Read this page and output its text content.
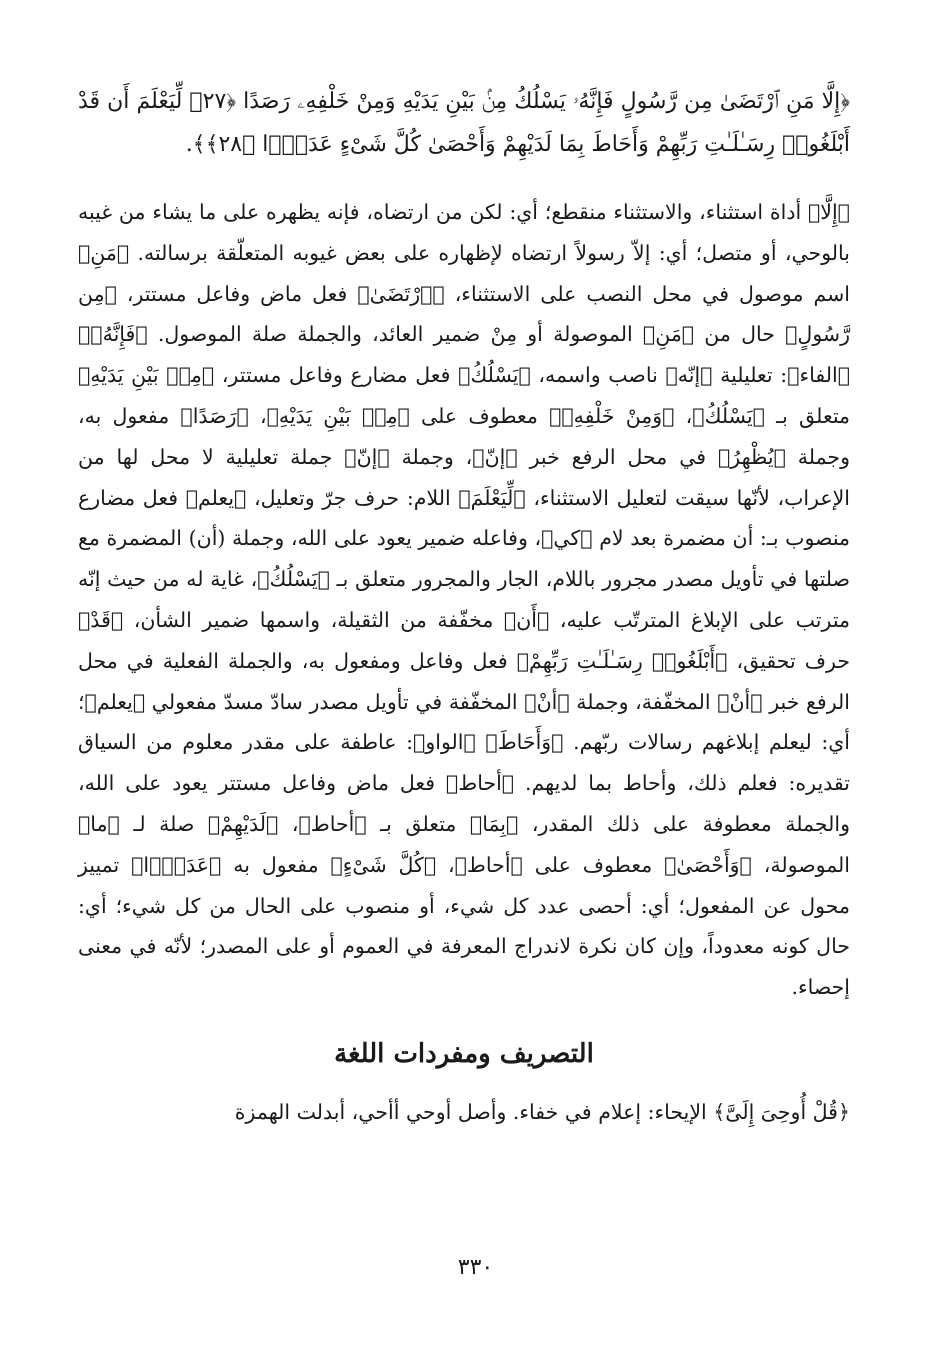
﴿إِلَّا مَنِ ٱرْتَضَىٰ مِن رَّسُولٍ فَإِنَّهُۥ يَسْلُكُ مِنۢ بَيْنِ يَدَيْهِ وَمِنْ خَلْفِهِۦ رَصَدًا ﴿٢٧﴾ لِّيَعْلَمَ أَن قَدْ أَبْلَغُوا۟ رِسَـٰلَـٰتِ رَبِّهِمْ وَأَحَاطَ بِمَا لَدَيْهِمْ وَأَحْصَىٰ كُلَّ شَىْءٍ عَدَدًۢا ﴿٢٨﴾﴾.

﴿إِلَّا﴾ أداة استثناء، والاستثناء منقطع؛ أي: لكن من ارتضاه، فإنه يظهره على ما يشاء من غيبه بالوحي، أو متصل؛ أي: إلاّ رسولاً ارتضاه لإظهاره على بعض غيوبه المتعلّقة برسالته. ﴿مَنِ﴾ اسم موصول في محل النصب على الاستثناء، ﴿ٱرْتَضَىٰ﴾ فعل ماض وفاعل مستتر، ﴿مِن رَّسُولٍ﴾ حال من ﴿مَنِ﴾ الموصولة أو مِنْ ضمير العائد، والجملة صلة الموصول. ﴿فَإِنَّهُۥ﴾ ﴿الفاء﴾: تعليلية ﴿إنّه﴾ ناصب واسمه، ﴿يَسْلُكُ﴾ فعل مضارع وفاعل مستتر، ﴿مِنۢ بَيْنِ يَدَيْهِ﴾ متعلق بـ ﴿يَسْلُكُ﴾، ﴿وَمِنْ خَلْفِهِۦ﴾ معطوف على ﴿مِنۢ بَيْنِ يَدَيْهِ﴾، ﴿رَصَدًا﴾ مفعول به، وجملة ﴿يُظْهِرُ﴾ في محل الرفع خبر ﴿إنّ﴾، وجملة ﴿إنّ﴾ جملة تعليلية لا محل لها من الإعراب، لأنّها سيقت لتعليل الاستثناء، ﴿لِّيَعْلَمَ﴾ اللام: حرف جرّ وتعليل، ﴿يعلم﴾ فعل مضارع منصوب بـ: أن مضمرة بعد لام ﴿كي﴾، وفاعله ضمير يعود على الله، وجملة (أن) المضمرة مع صلتها في تأويل مصدر مجرور باللام، الجار والمجرور متعلق بـ ﴿يَسْلُكُ﴾، غاية له من حيث إنّه مترتب على الإبلاغ المترتّب عليه، ﴿أَن﴾ مخفّفة من الثقيلة، واسمها ضمير الشأن، ﴿قَدْ﴾ حرف تحقيق، ﴿أَبْلَغُوا۟ رِسَـٰلَـٰتِ رَبِّهِمْ﴾ فعل وفاعل ومفعول به، والجملة الفعلية في محل الرفع خبر ﴿أنْ﴾ المخفّفة، وجملة ﴿أنْ﴾ المخفّفة في تأويل مصدر سادّ مسدّ مفعولي ﴿يعلم﴾؛ أي: ليعلم إبلاغهم رسالات ربّهم. ﴿وَأَحَاطَ﴾ ﴿الواو﴾: عاطفة على مقدر معلوم من السياق تقديره: فعلم ذلك، وأحاط بما لديهم. ﴿أحاط﴾ فعل ماض وفاعل مستتر يعود على الله، والجملة معطوفة على ذلك المقدر، ﴿بِمَا﴾ متعلق بـ ﴿أحاط﴾، ﴿لَدَيْهِمْ﴾ صلة لـ ﴿ما﴾ الموصولة، ﴿وَأَحْصَىٰ﴾ معطوف على ﴿أحاط﴾، ﴿كُلَّ شَىْءٍ﴾ مفعول به ﴿عَدَدًۢا﴾ تمييز محول عن المفعول؛ أي: أحصى عدد كل شيء، أو منصوب على الحال من كل شيء؛ أي: حال كونه معدوداً، وإن كان نكرة لاندراج المعرفة في العموم أو على المصدر؛ لأنّه في معنى إحصاء.

التصريف ومفردات اللغة

﴿قُلْ أُوحِىَ إِلَىَّ﴾ الإيحاء: إعلام في خفاء. وأصل أوحي أأحي، أبدلت الهمزة

٣٣٠
